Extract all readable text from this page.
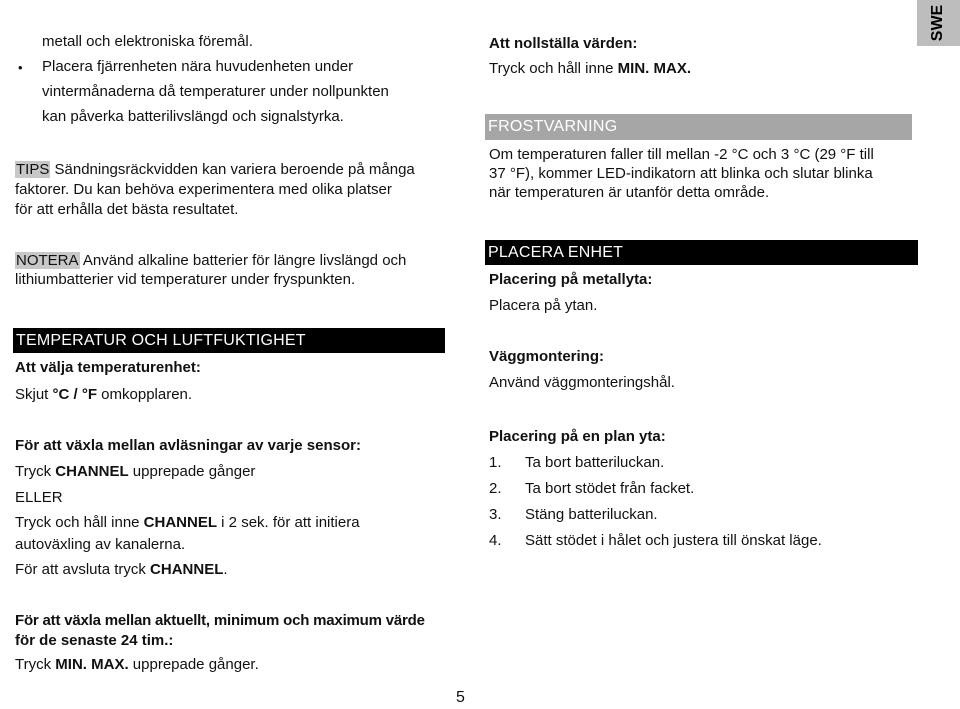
metall och elektroniska föremål.
• Placera fjärrenheten nära huvudenheten under
vintermånaderna då temperaturer under nollpunkten
kan påverka batterilivslängd och signalstyrka.
TIPS Sändningsräckvidden kan variera beroende på många
faktorer. Du kan behöva experimentera med olika platser
för att erhålla det bästa resultatet.
NOTERA Använd alkaline batterier för längre livslängd och
lithiumbatterier vid temperaturer under fryspunkten.
TEMPERATUR OCH LUFTFUKTIGHET
Att välja temperaturenhet:
Skjut °C / °F omkopplaren.
För att växla mellan avläsningar av varje sensor:
Tryck CHANNEL upprepade gånger
ELLER
Tryck och håll inne CHANNEL i 2 sek. för att initiera
autoväxling av kanalerna.
För att avsluta tryck CHANNEL.
För att växla mellan aktuellt, minimum och maximum värde
för de senaste 24 tim.:
Tryck MIN. MAX. upprepade gånger.
SWE
Att nollställa värden:
Tryck och håll inne MIN. MAX.
FROSTVARNING
Om temperaturen faller till mellan -2 °C och 3 °C (29 °F till
37 °F), kommer LED-indikatorn att blinka och slutar blinka
när temperaturen är utanför detta område.
PLACERA ENHET
Placering på metallyta:
Placera på ytan.
Väggmontering:
Använd väggmonteringshål.
Placering på en plan yta:
1. Ta bort batteriluckan.
2. Ta bort stödet från facket.
3. Stäng batteriluckan.
4. Sätt stödet i hålet och justera till önskat läge.
5
